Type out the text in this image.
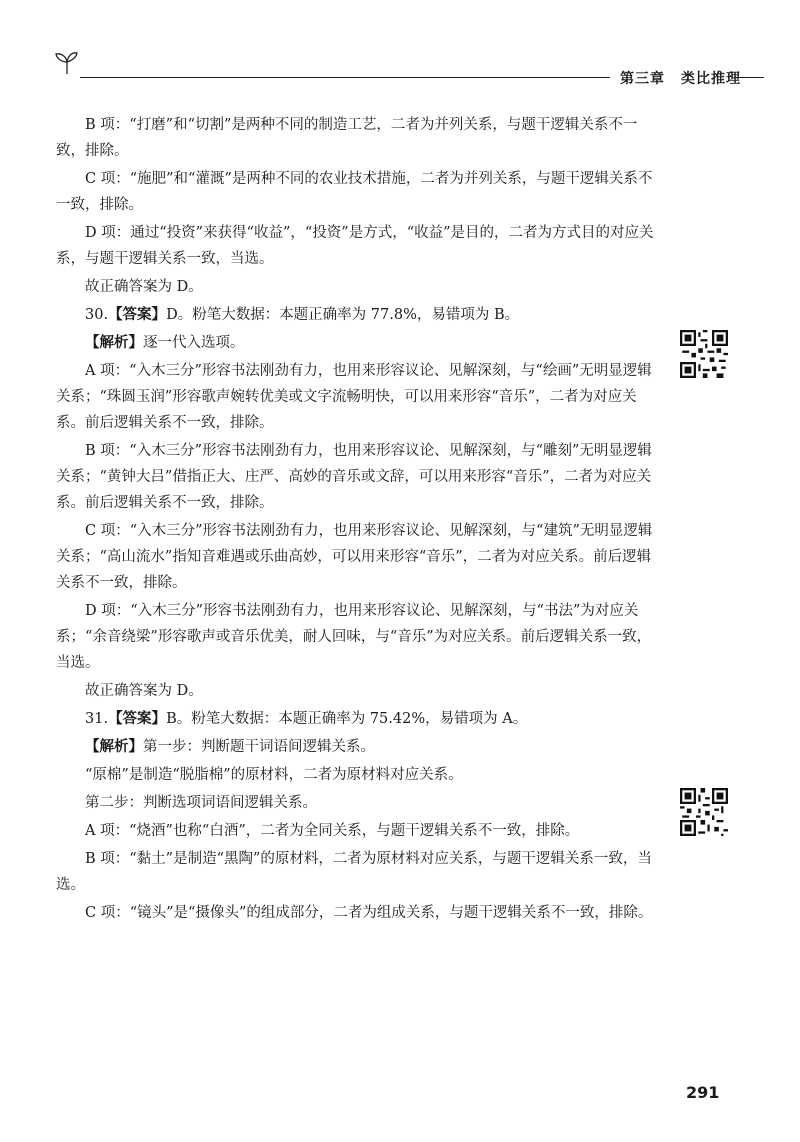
第三章 类比推理

B 项：“打磨”和“切割”是两种不同的制造工艺，二者为并列关系，与题干逻辑关系不一致，排除。

C 项：“施肥”和“灌溉”是两种不同的农业技术措施，二者为并列关系，与题干逻辑关系不一致，排除。

D 项：通过“投资”来获得“收益”，“投资”是方式，“收益”是目的，二者为方式目的对应关系，与题干逻辑关系一致，当选。

故正确答案为 D。

30.【答案】D。粉笔大数据：本题正确率为 77.8%，易错项为 B。

【解析】逐一代入选项。

A 项：“入木三分”形容书法刚劲有力，也用来形容议论、见解深刻，与“绘画”无明显逻辑关系；“珠圆玉润”形容歌声婉转优美或文字流畅明快，可以用来形容“音乐”，二者为对应关系。前后逻辑关系不一致，排除。

B 项：“入木三分”形容书法刚劲有力，也用来形容议论、见解深刻，与“雕刻”无明显逻辑关系；“黄钟大吕”借指正大、庄严、高妙的音乐或文辞，可以用来形容“音乐”，二者为对应关系。前后逻辑关系不一致，排除。

C 项：“入木三分”形容书法刚劲有力，也用来形容议论、见解深刻，与“建筑”无明显逻辑关系；“高山流水”指知音难遇或乐曲高妙，可以用来形容“音乐”，二者为对应关系。前后逻辑关系不一致，排除。

D 项：“入木三分”形容书法刚劲有力，也用来形容议论、见解深刻，与“书法”为对应关系；“余音绕梁”形容歌声或音乐优美，耐人回味，与“音乐”为对应关系。前后逻辑关系一致，当选。

故正确答案为 D。

31.【答案】B。粉笔大数据：本题正确率为 75.42%，易错项为 A。

【解析】第一步：判断题干词语间逻辑关系。

“原棉”是制造“脱脂棉”的原材料，二者为原材料对应关系。

第二步：判断选项词语间逻辑关系。

A 项：“烧酒”也称“白酒”，二者为全同关系，与题干逻辑关系不一致，排除。

B 项：“黏土”是制造“黑陶”的原材料，二者为原材料对应关系，与题干逻辑关系一致，当选。

C 项：“镜头”是“摄像头”的组成部分，二者为组成关系，与题干逻辑关系不一致，排除。

291
